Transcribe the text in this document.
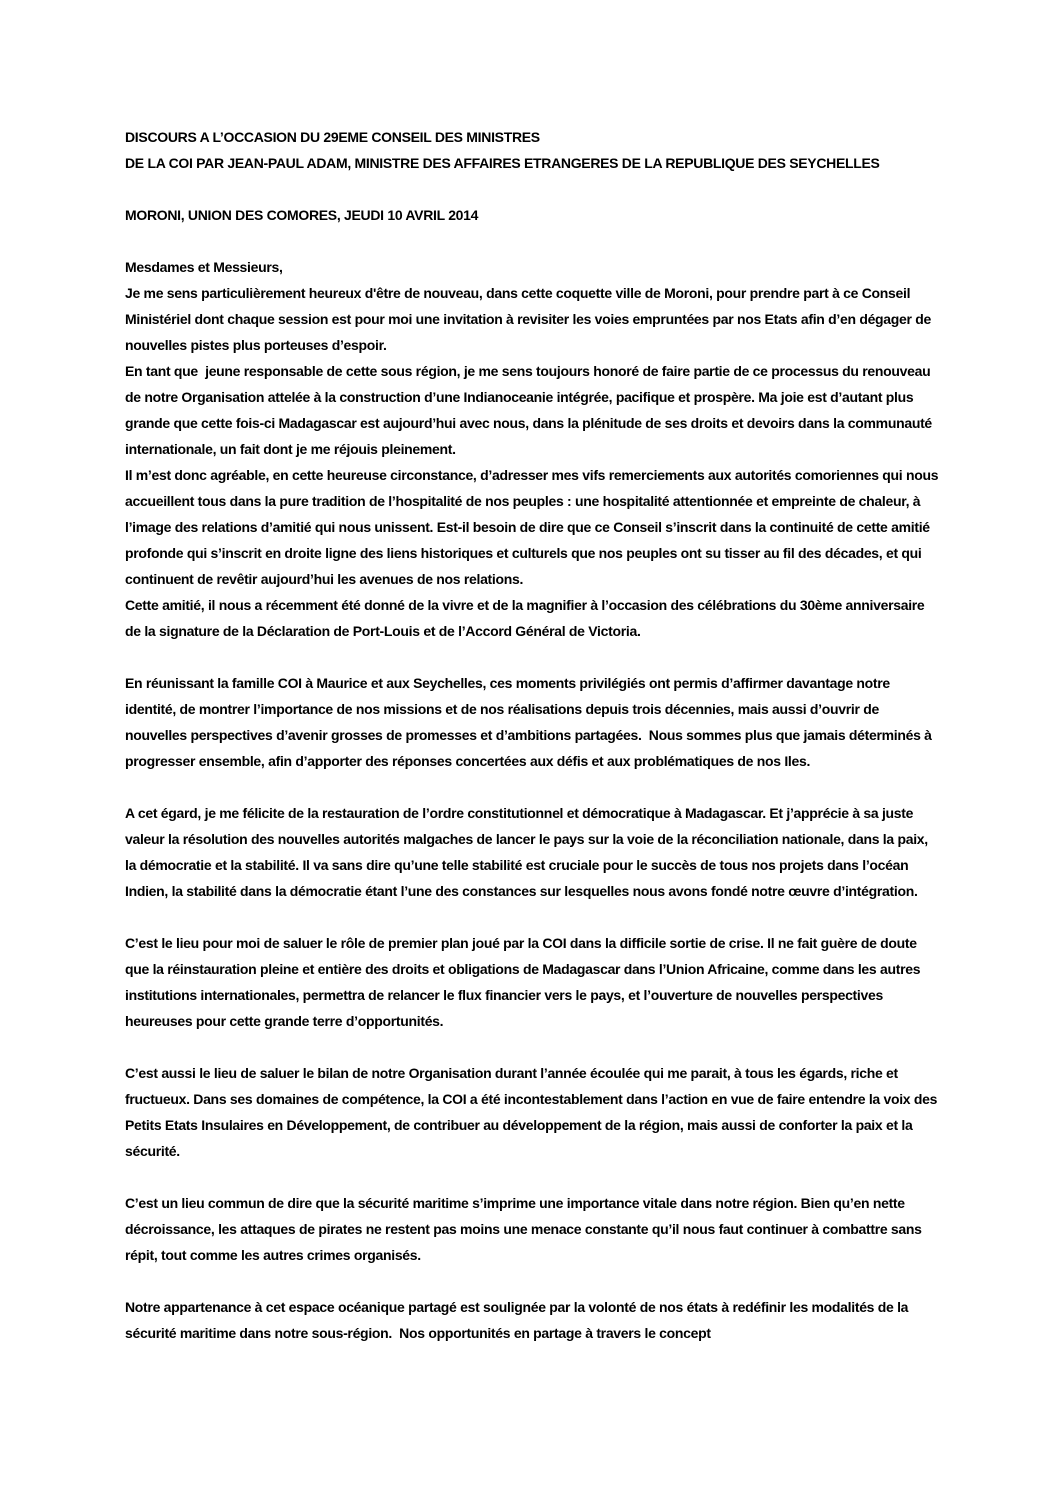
DISCOURS A L’OCCASION DU 29EME CONSEIL DES MINISTRES

DE LA COI PAR JEAN-PAUL ADAM, MINISTRE DES AFFAIRES ETRANGERES DE LA REPUBLIQUE DES SEYCHELLES

MORONI, UNION DES COMORES, JEUDI 10 AVRIL 2014

Mesdames et Messieurs,

Je me sens particulièrement heureux d'être de nouveau, dans cette coquette ville de Moroni, pour prendre part à ce Conseil Ministériel dont chaque session est pour moi une invitation à revisiter les voies empruntées par nos Etats afin d’en dégager de nouvelles pistes plus porteuses d’espoir.

En tant que  jeune responsable de cette sous région, je me sens toujours honoré de faire partie de ce processus du renouveau de notre Organisation attelée à la construction d’une Indianoceanie intégrée, pacifique et prospère. Ma joie est d’autant plus grande que cette fois-ci Madagascar est aujourd’hui avec nous, dans la plénitude de ses droits et devoirs dans la communauté internationale, un fait dont je me réjouis pleinement.

Il m’est donc agréable, en cette heureuse circonstance, d’adresser mes vifs remerciements aux autorités comoriennes qui nous accueillent tous dans la pure tradition de l’hospitalité de nos peuples : une hospitalité attentionnée et empreinte de chaleur, à l’image des relations d’amitié qui nous unissent. Est-il besoin de dire que ce Conseil s’inscrit dans la continuité de cette amitié profonde qui s’inscrit en droite ligne des liens historiques et culturels que nos peuples ont su tisser au fil des décades, et qui continuent de revêtir aujourd’hui les avenues de nos relations.

Cette amitié, il nous a récemment été donné de la vivre et de la magnifier à l’occasion des célébrations du 30ème anniversaire de la signature de la Déclaration de Port-Louis et de l’Accord Général de Victoria.

En réunissant la famille COI à Maurice et aux Seychelles, ces moments privilégiés ont permis d’affirmer davantage notre identité, de montrer l’importance de nos missions et de nos réalisations depuis trois décennies, mais aussi d’ouvrir de nouvelles perspectives d’avenir grosses de promesses et d’ambitions partagées.  Nous sommes plus que jamais déterminés à progresser ensemble, afin d’apporter des réponses concertées aux défis et aux problématiques de nos Iles.

A cet égard, je me félicite de la restauration de l’ordre constitutionnel et démocratique à Madagascar. Et j’apprécie à sa juste valeur la résolution des nouvelles autorités malgaches de lancer le pays sur la voie de la réconciliation nationale, dans la paix, la démocratie et la stabilité. Il va sans dire qu’une telle stabilité est cruciale pour le succès de tous nos projets dans l’océan Indien, la stabilité dans la démocratie étant l’une des constances sur lesquelles nous avons fondé notre œuvre d’intégration.

C’est le lieu pour moi de saluer le rôle de premier plan joué par la COI dans la difficile sortie de crise. Il ne fait guère de doute que la réinstauration pleine et entière des droits et obligations de Madagascar dans l’Union Africaine, comme dans les autres institutions internationales, permettra de relancer le flux financier vers le pays, et l’ouverture de nouvelles perspectives heureuses pour cette grande terre d’opportunités.

C’est aussi le lieu de saluer le bilan de notre Organisation durant l’année écoulée qui me parait, à tous les égards, riche et fructueux. Dans ses domaines de compétence, la COI a été incontestablement dans l’action en vue de faire entendre la voix des Petits Etats Insulaires en Développement, de contribuer au développement de la région, mais aussi de conforter la paix et la sécurité.

C’est un lieu commun de dire que la sécurité maritime s’imprime une importance vitale dans notre région. Bien qu’en nette décroissance, les attaques de pirates ne restent pas moins une menace constante qu’il nous faut continuer à combattre sans répit, tout comme les autres crimes organisés.

Notre appartenance à cet espace océanique partagé est soulignée par la volonté de nos états à redéfinir les modalités de la sécurité maritime dans notre sous-région.  Nos opportunités en partage à travers le concept
